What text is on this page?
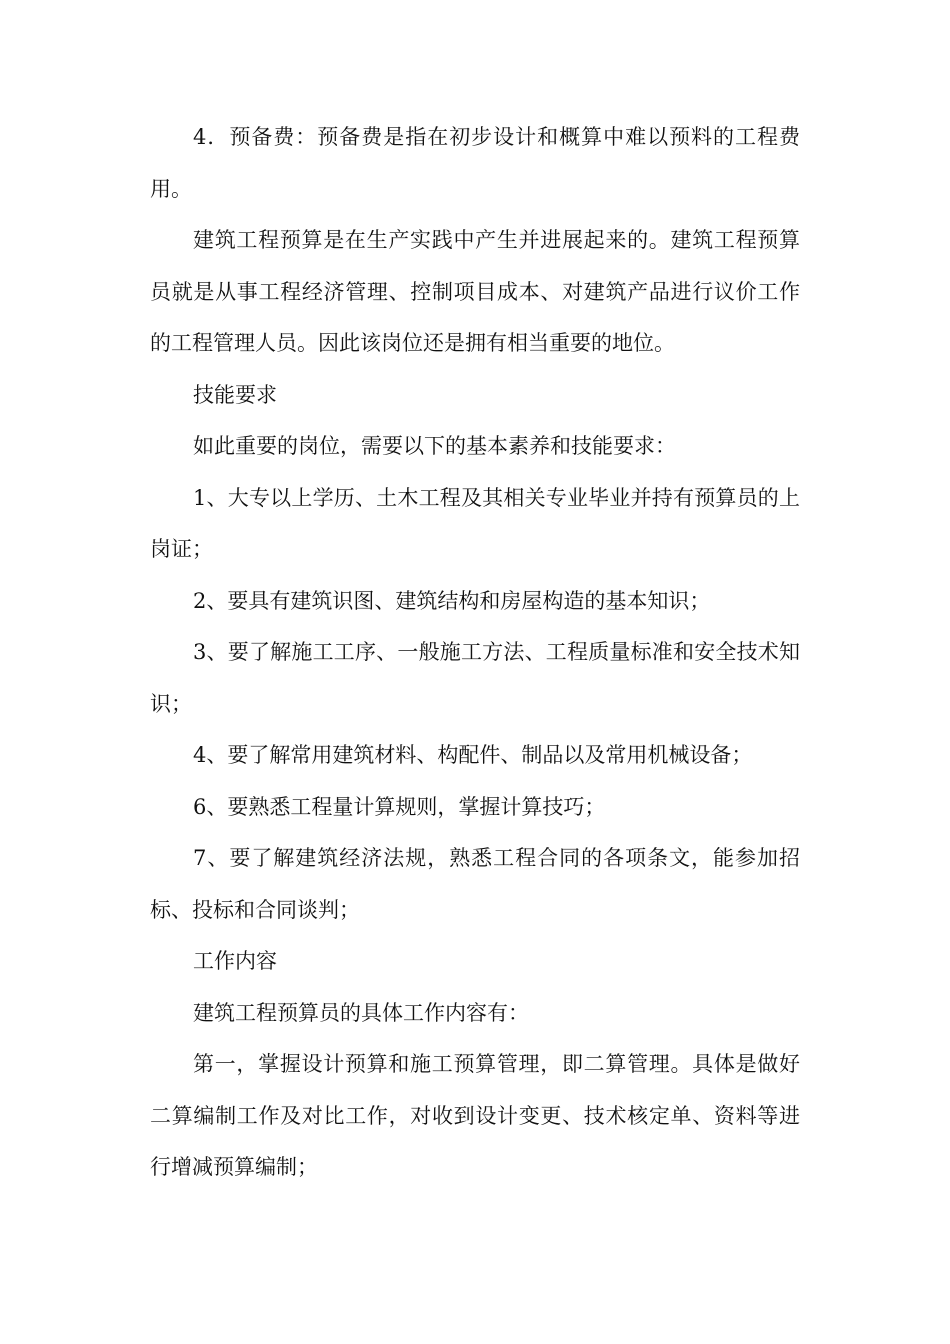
4．预备费：预备费是指在初步设计和概算中难以预料的工程费用。

建筑工程预算是在生产实践中产生并进展起来的。建筑工程预算员就是从事工程经济管理、控制项目成本、对建筑产品进行议价工作的工程管理人员。因此该岗位还是拥有相当重要的地位。

技能要求

如此重要的岗位，需要以下的基本素养和技能要求：

1、大专以上学历、土木工程及其相关专业毕业并持有预算员的上岗证；

2、要具有建筑识图、建筑结构和房屋构造的基本知识；

3、要了解施工工序、一般施工方法、工程质量标准和安全技术知识；

4、要了解常用建筑材料、构配件、制品以及常用机械设备；

6、要熟悉工程量计算规则，掌握计算技巧；

7、要了解建筑经济法规，熟悉工程合同的各项条文，能参加招标、投标和合同谈判；

工作内容

建筑工程预算员的具体工作内容有：

第一，掌握设计预算和施工预算管理，即二算管理。具体是做好二算编制工作及对比工作，对收到设计变更、技术核定单、资料等进行增减预算编制；
